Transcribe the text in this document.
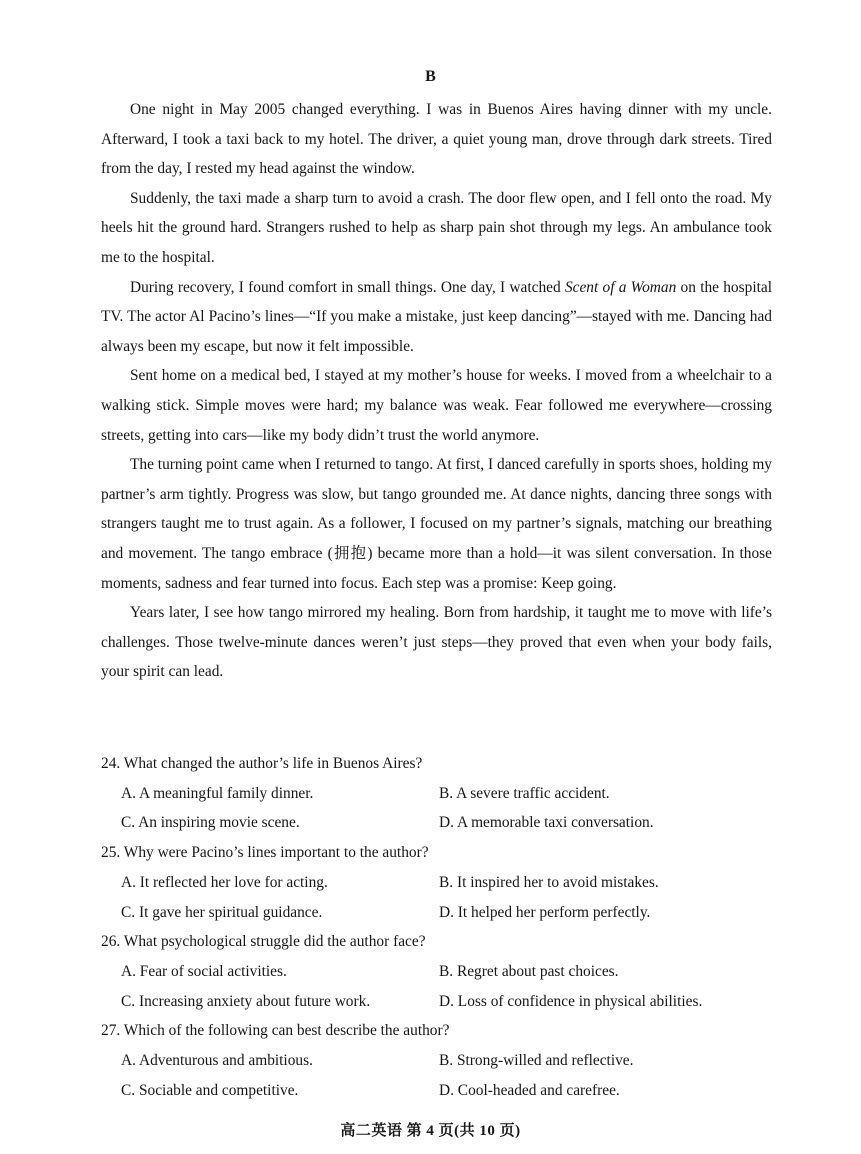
B

One night in May 2005 changed everything. I was in Buenos Aires having dinner with my uncle. Afterward, I took a taxi back to my hotel. The driver, a quiet young man, drove through dark streets. Tired from the day, I rested my head against the window.

Suddenly, the taxi made a sharp turn to avoid a crash. The door flew open, and I fell onto the road. My heels hit the ground hard. Strangers rushed to help as sharp pain shot through my legs. An ambulance took me to the hospital.

During recovery, I found comfort in small things. One day, I watched Scent of a Woman on the hospital TV. The actor Al Pacino’s lines—“If you make a mistake, just keep dancing”—stayed with me. Dancing had always been my escape, but now it felt impossible.

Sent home on a medical bed, I stayed at my mother’s house for weeks. I moved from a wheelchair to a walking stick. Simple moves were hard; my balance was weak. Fear followed me everywhere—crossing streets, getting into cars—like my body didn’t trust the world anymore.

The turning point came when I returned to tango. At first, I danced carefully in sports shoes, holding my partner’s arm tightly. Progress was slow, but tango grounded me. At dance nights, dancing three songs with strangers taught me to trust again. As a follower, I focused on my partner’s signals, matching our breathing and movement. The tango embrace (拥抱) became more than a hold—it was silent conversation. In those moments, sadness and fear turned into focus. Each step was a promise: Keep going.

Years later, I see how tango mirrored my healing. Born from hardship, it taught me to move with life’s challenges. Those twelve-minute dances weren’t just steps—they proved that even when your body fails, your spirit can lead.

24. What changed the author’s life in Buenos Aires?

A. A meaningful family dinner.	B. A severe traffic accident.
C. An inspiring movie scene.	D. A memorable taxi conversation.

25. Why were Pacino’s lines important to the author?

A. It reflected her love for acting.	B. It inspired her to avoid mistakes.
C. It gave her spiritual guidance.	D. It helped her perform perfectly.

26. What psychological struggle did the author face?

A. Fear of social activities.	B. Regret about past choices.
C. Increasing anxiety about future work.	D. Loss of confidence in physical abilities.

27. Which of the following can best describe the author?

A. Adventurous and ambitious.	B. Strong-willed and reflective.
C. Sociable and competitive.	D. Cool-headed and carefree.
高二英语 第 4 页(共 10 页)
